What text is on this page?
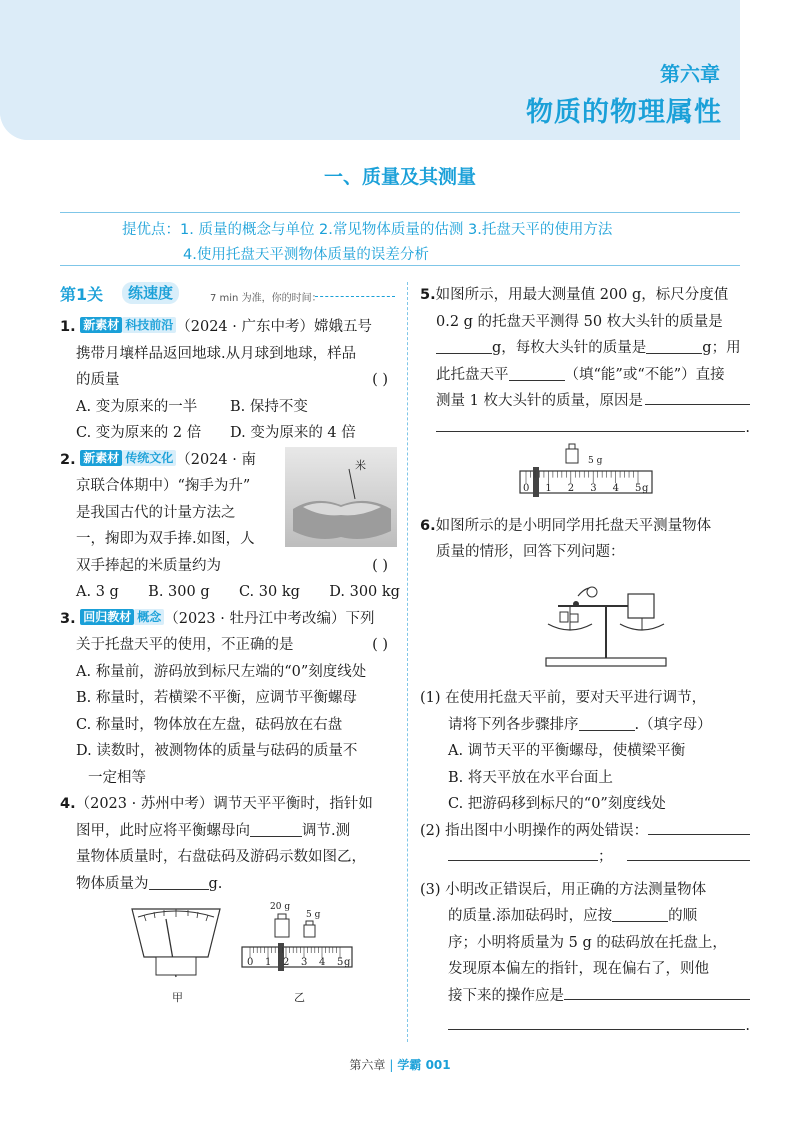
第六章
物质的物理属性
一、质量及其测量
提优点：1. 质量的概念与单位 2.常见物体质量的估测 3.托盘天平的使用方法
4.使用托盘天平测物体质量的误差分析
第1关	练速度	7 min 为准，你的时间：
1. 新素材 科技前沿 （2024 · 广东中考）嫦娥五号
携带月壤样品返回地球.从月球到地球，样品
的质量	( )
A. 变为原来的一半	B. 保持不变
C. 变为原来的 2 倍	D. 变为原来的 4 倍
2. 新素材 传统文化 （2024 · 南
京联合体期中）“掬手为升”
是我国古代的计量方法之
一，掬即为双手捧.如图，人
双手捧起的米质量约为	( )
A. 3 g B. 300 g C. 30 kg D. 300 kg
米
3. 回归教材 概念 （2023 · 牡丹江中考改编）下列
关于托盘天平的使用，不正确的是	( )
A. 称量前，游码放到标尺左端的“0”刻度线处
B. 称量时，若横梁不平衡，应调节平衡螺母
C. 称量时，物体放在左盘，砝码放在右盘
D. 读数时，被测物体的质量与砝码的质量不
一定相等
4.（2023 · 苏州中考）调节天平平衡时，指针如
图甲，此时应将平衡螺母向	调节.测
量物体质量时，右盘砝码及游码示数如图乙，
物体质量为	g.
甲
20 g
5 g
0 1 2 3 4 5 g
乙
5.如图所示，用最大测量值 200 g，标尺分度值
0.2 g 的托盘天平测得 50 枚大头针的质量是
g，每枚大头针的质量是	g；用
此托盘天平	（填“能”或“不能”）直接
测量 1 枚大头针的质量，原因是
.
5 g
0 1 2 3 4 5 g
6.如图所示的是小明同学用托盘天平测量物体
质量的情形，回答下列问题：
(1) 在使用托盘天平前，要对天平进行调节，
请将下列各步骤排序	.（填字母）
A. 调节天平的平衡螺母，使横梁平衡
B. 将天平放在水平台面上
C. 把游码移到标尺的“0”刻度线处
(2) 指出图中小明操作的两处错误：
；
(3) 小明改正错误后，用正确的方法测量物体
的质量.添加砝码时，应按	的顺
序；小明将质量为 5 g 的砝码放在托盘上，
发现原本偏左的指针，现在偏右了，则他
接下来的操作应是
.
第六章 | 学霸 001
